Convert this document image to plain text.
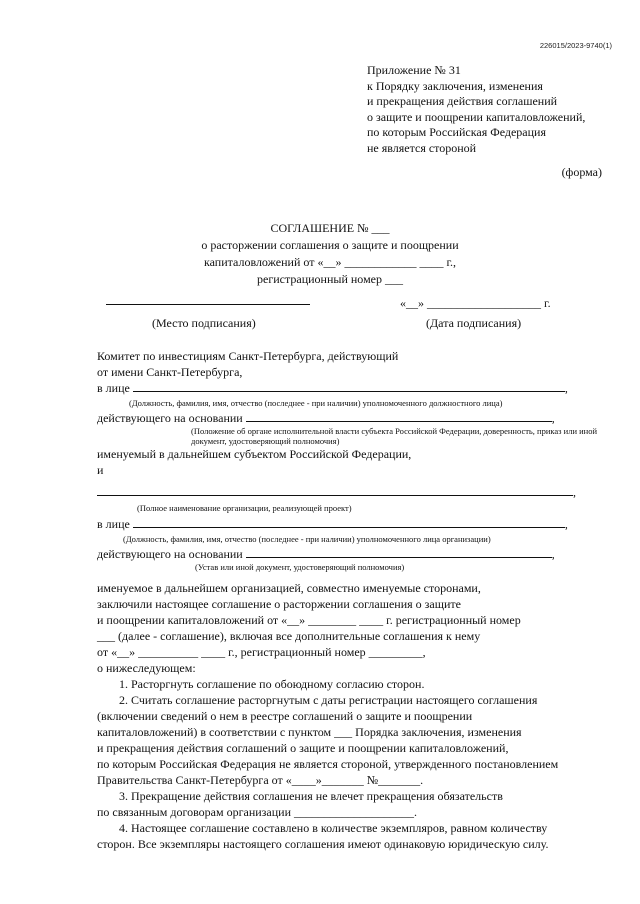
226015/2023-9740(1)
Приложение № 31
к Порядку заключения, изменения
и прекращения действия соглашений
о защите и поощрении капиталовложений,
по которым Российская Федерация
не является стороной
(форма)
СОГЛАШЕНИЕ № ___
о расторжении соглашения о защите и поощрении
капиталовложений от «__» ____________ ____ г.,
регистрационный номер ___
«__» ___________________ г.
(Место подписания)	(Дата подписания)
Комитет по инвестициям Санкт-Петербурга, действующий
от имени Санкт-Петербурга,
в лице	,
(Должность, фамилия, имя, отчество (последнее - при наличии) уполномоченного должностного лица)
действующего на основании	,
(Положение об органе исполнительной власти субъекта Российской Федерации, доверенность, приказ или иной документ, удостоверяющий полномочия)
именуемый в дальнейшем субъектом Российской Федерации,
и
,
(Полное наименование организации, реализующей проект)
в лице	,
(Должность, фамилия, имя, отчество (последнее - при наличии) уполномоченного лица организации)
действующего на основании	,
(Устав или иной документ, удостоверяющий полномочия)
именуемое в дальнейшем организацией, совместно именуемые сторонами,
заключили настоящее соглашение о расторжении соглашения о защите
и поощрении капиталовложений от «__» ________ ____ г. регистрационный номер
___ (далее - соглашение), включая все дополнительные соглашения к нему
от «__» __________ ____ г., регистрационный номер _________,
о нижеследующем:
1. Расторгнуть соглашение по обоюдному согласию сторон.
2. Считать соглашение расторгнутым с даты регистрации настоящего соглашения
(включении сведений о нем в реестре соглашений о защите и поощрении
капиталовложений) в соответствии с пунктом ___ Порядка заключения, изменения
и прекращения действия соглашений о защите и поощрении капиталовложений,
по которым Российская Федерация не является стороной, утвержденного постановлением
Правительства Санкт-Петербурга от «____»_______ №_______.
3. Прекращение действия соглашения не влечет прекращения обязательств
по связанным договорам организации ____________________.
4. Настоящее соглашение составлено в количестве экземпляров, равном количеству
сторон. Все экземпляры настоящего соглашения имеют одинаковую юридическую силу.
